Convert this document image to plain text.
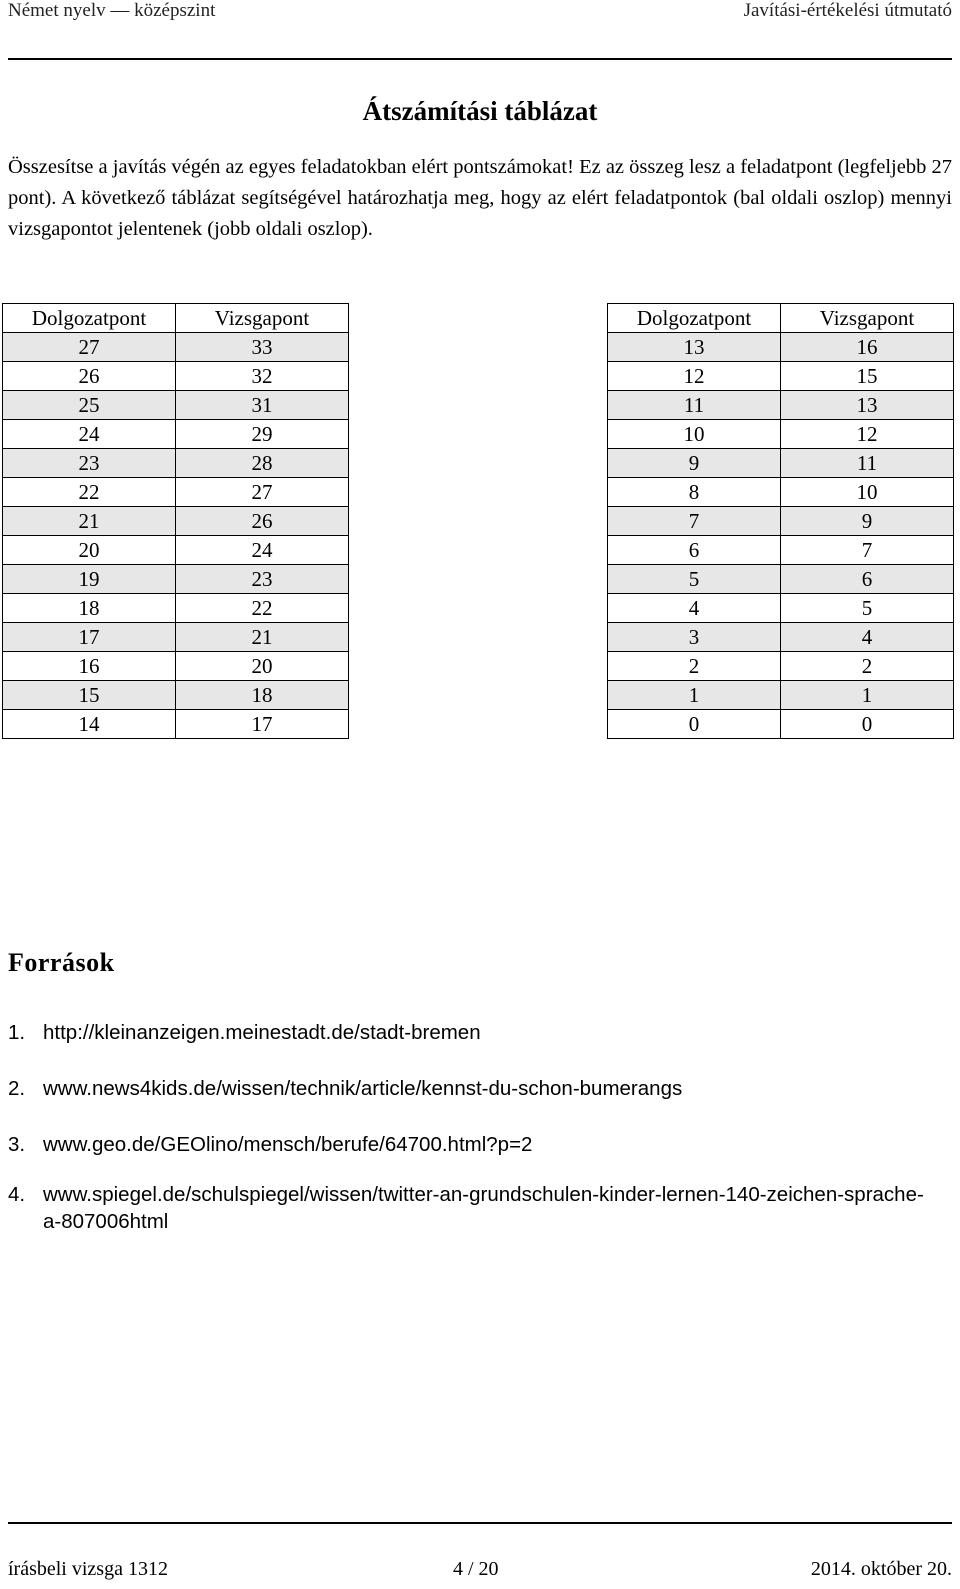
Német nyelv — középszint	Javítási-értékelési útmutató
Átszámítási táblázat
Összesítse a javítás végén az egyes feladatokban elért pontszámokat! Ez az összeg lesz a feladatpont (legfeljebb 27 pont). A következő táblázat segítségével határozhatja meg, hogy az elért feladatpontok (bal oldali oszlop) mennyi vizsgapontot jelentenek (jobb oldali oszlop).
Dolgozatpont	Vizsgapont
27	33
26	32
25	31
24	29
23	28
22	27
21	26
20	24
19	23
18	22
17	21
16	20
15	18
14	17
Dolgozatpont	Vizsgapont
13	16
12	15
11	13
10	12
9	11
8	10
7	9
6	7
5	6
4	5
3	4
2	2
1	1
0	0
Források
1. http://kleinanzeigen.meinestadt.de/stadt-bremen
2. www.news4kids.de/wissen/technik/article/kennst-du-schon-bumerangs
3. www.geo.de/GEOlino/mensch/berufe/64700.html?p=2
4. www.spiegel.de/schulspiegel/wissen/twitter-an-grundschulen-kinder-lernen-140-zeichen-sprache-a-807006html
írásbeli vizsga 1312	4 / 20	2014. október 20.
